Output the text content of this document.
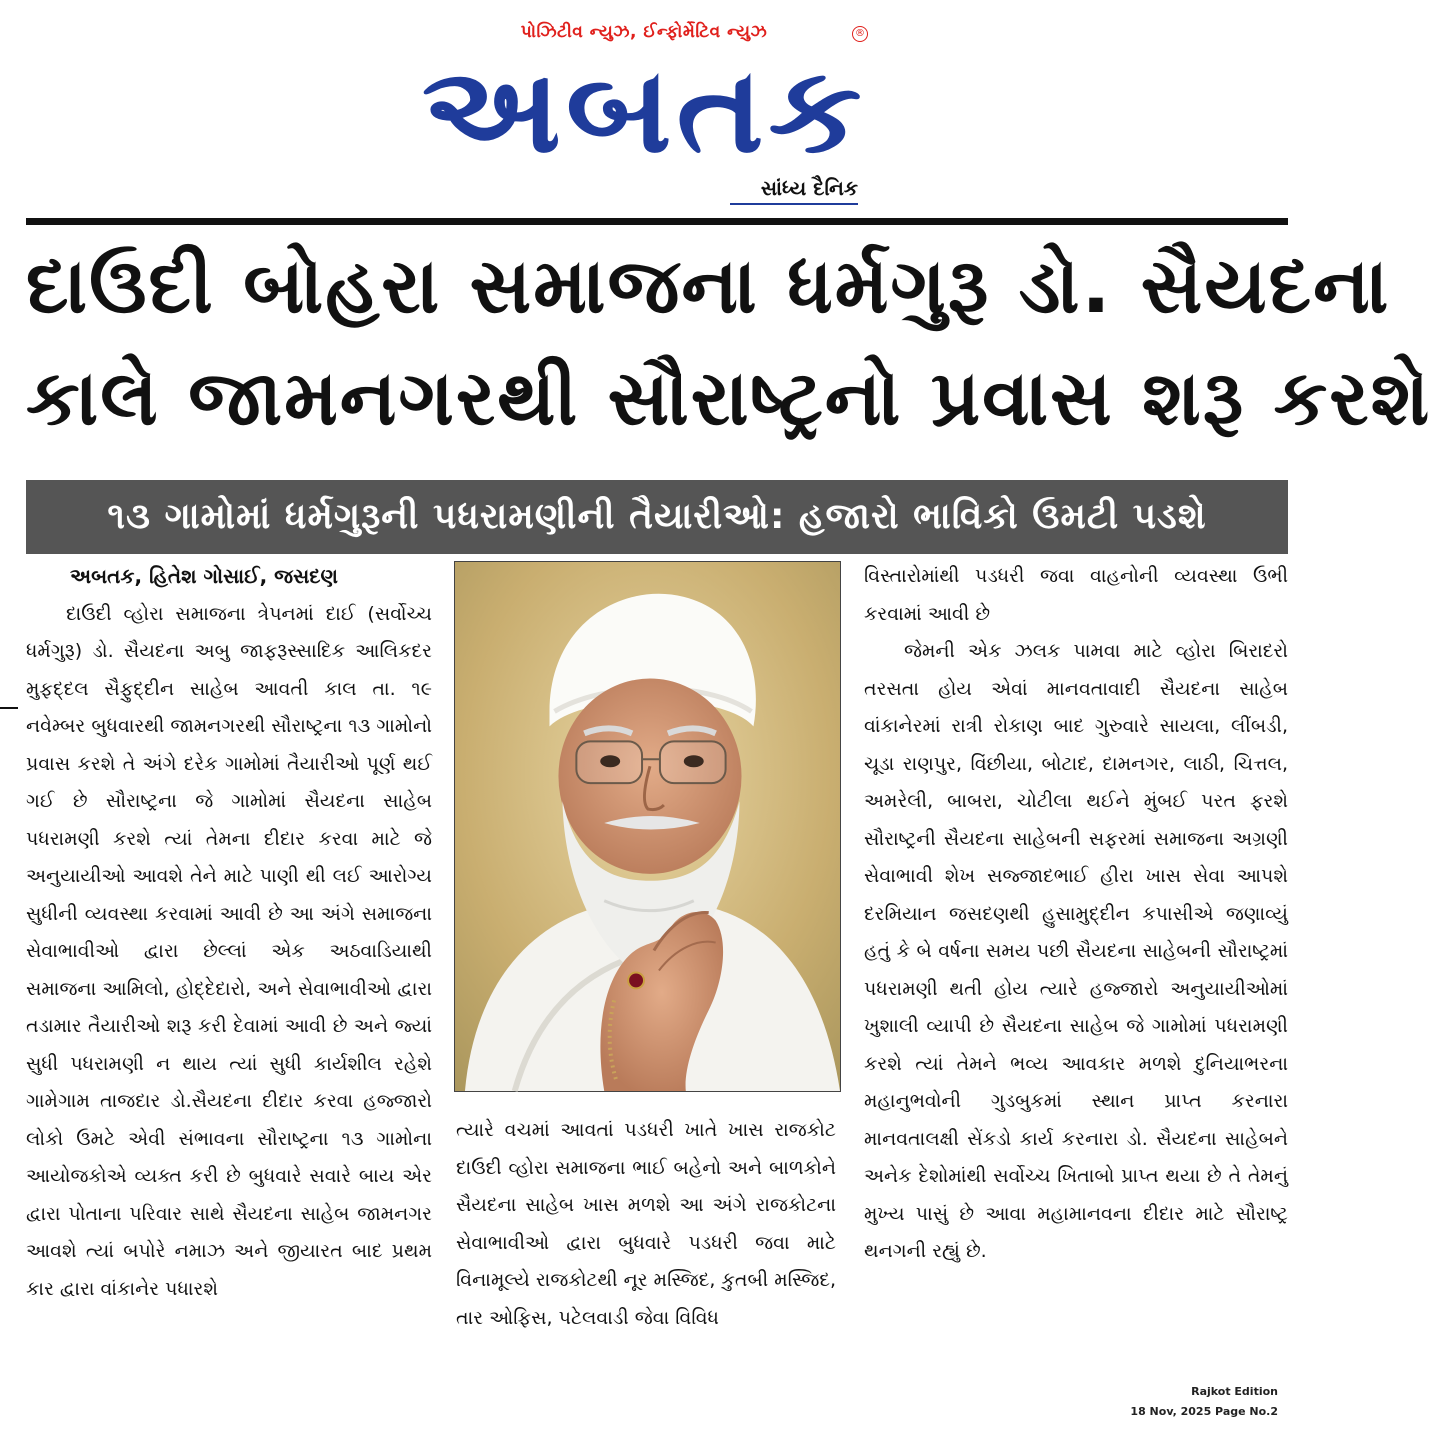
પોઝિટીવ ન્યુઝ, ઈન્ફોર્મેટિવ ન્યુઝ	®
અબતક
સાંધ્ય દૈનિક
દાઉદી બોહરા સમાજના ધર્મગુરૂ ડો. સૈયદના
કાલે જામનગરથી સૌરાષ્ટ્રનો પ્રવાસ શરૂ કરશે
૧૩ ગામોમાં ધર્મગુરૂની પધરામણીની તૈયારીઓ: હજારો ભાવિકો ઉમટી પડશે
અબતક, હિતેશ ગોસાઈ, જસદણ
દાઉદી વ્હોરા સમાજના ત્રેપનમાં દાઈ (સર્વોચ્ચ ધર્મગુરૂ) ડો. સૈયદના અબુ જાફરૂસ્સાદિક આલિકદર મુફદ્દલ સૈફુદ્દીન સાહેબ આવતી કાલ તા. ૧૯ નવેમ્બર બુધવારથી જામનગરથી સૌરાષ્ટ્રના ૧૩ ગામોનો પ્રવાસ કરશે તે અંગે દરેક ગામોમાં તૈયારીઓ પૂર્ણ થઈ ગઈ છે સૌરાષ્ટ્રના જે ગામોમાં સૈયદના સાહેબ પધરામણી કરશે ત્યાં તેમના દીદાર કરવા માટે જે અનુયાયીઓ આવશે તેને માટે પાણી થી લઈ આરોગ્ય સુધીની વ્યવસ્થા કરવામાં આવી છે આ અંગે સમાજના સેવાભાવીઓ દ્વારા છેલ્લાં એક અઠવાડિયાથી સમાજના આમિલો, હોદ્દેદારો, અને સેવાભાવીઓ દ્વારા તડામાર તૈયારીઓ શરૂ કરી દેવામાં આવી છે અને જ્યાં સુધી પધરામણી ન થાય ત્યાં સુધી કાર્યશીલ રહેશે ગામેગામ તાજદાર ડો.સૈયદના દીદાર કરવા હજ્જારો લોકો ઉમટે એવી સંભાવના સૌરાષ્ટ્રના ૧૩ ગામોના આયોજકોએ વ્યક્ત કરી છે બુધવારે સવારે બાય એર દ્વારા પોતાના પરિવાર સાથે સૈયદના સાહેબ જામનગર આવશે ત્યાં બપોરે નમાઝ અને જીયારત બાદ પ્રથમ કાર દ્વારા વાંકાનેર પધારશે
ત્યારે વચમાં આવતાં પડધરી ખાતે ખાસ રાજકોટ દાઉદી વ્હોરા સમાજના ભાઈ બહેનો અને બાળકોને સૈયદના સાહેબ ખાસ મળશે આ અંગે રાજકોટના સેવાભાવીઓ દ્વારા બુધવારે પડધરી જવા માટે વિનામૂલ્યે રાજકોટથી નૂર મસ્જિદ, કુતબી મસ્જિદ, તાર ઓફિસ, પટેલવાડી જેવા વિવિધ
વિસ્તારોમાંથી પડધરી જવા વાહનોની વ્યવસ્થા ઉભી કરવામાં આવી છે
જેમની એક ઝલક પામવા માટે વ્હોરા બિરાદરો તરસતા હોય એવાં માનવતાવાદી સૈયદના સાહેબ વાંકાનેરમાં રાત્રી રોકાણ બાદ ગુરુવારે સાયલા, લીંબડી, ચૂડા રાણપુર, વિંછીયા, બોટાદ, દામનગર, લાઠી, ચિત્તલ, અમરેલી, બાબરા, ચોટીલા થઈને મુંબઈ પરત ફરશે સૌરાષ્ટ્રની સૈયદના સાહેબની સફરમાં સમાજના અગ્રણી સેવાભાવી શેખ સજ્જાદભાઈ હીરા ખાસ સેવા આપશે દરમિયાન જસદણથી હુસામુદ્દીન કપાસીએ જણાવ્યું હતું કે બે વર્ષના સમય પછી સૈયદના સાહેબની સૌરાષ્ટ્રમાં પધરામણી થતી હોય ત્યારે હજ્જારો અનુયાયીઓમાં ખુશાલી વ્યાપી છે સૈયદના સાહેબ જે ગામોમાં પધરામણી કરશે ત્યાં તેમને ભવ્ય આવકાર મળશે દુનિયાભરના મહાનુભવોની ગુડબુકમાં સ્થાન પ્રાપ્ત કરનારા માનવતાલક્ષી સેંકડો કાર્ય કરનારા ડો. સૈયદના સાહેબને અનેક દેશોમાંથી સર્વોચ્ચ ખિતાબો પ્રાપ્ત થયા છે તે તેમનું મુખ્ય પાસું છે આવા મહામાનવના દીદાર માટે સૌરાષ્ટ્ર થનગની રહ્યું છે.
Rajkot Edition
18 Nov, 2025 Page No.2
